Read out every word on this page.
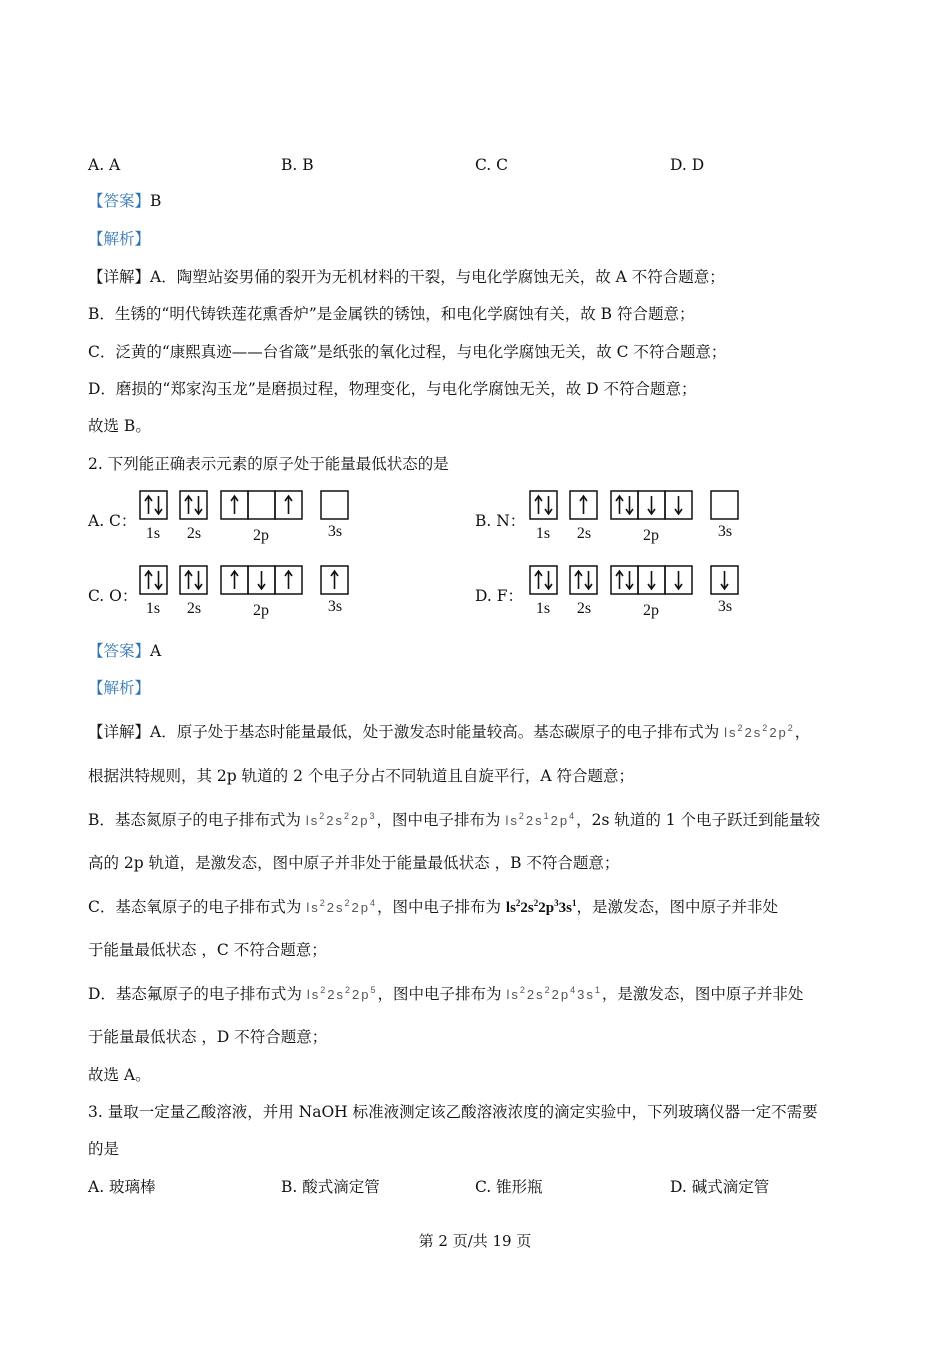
A. A	B. B	C. C	D. D
【答案】B
【解析】
【详解】A．陶塑站姿男俑的裂开为无机材料的干裂，与电化学腐蚀无关，故 A 不符合题意；
B．生锈的“明代铸铁莲花熏香炉”是金属铁的锈蚀，和电化学腐蚀有关，故 B 符合题意；
C．泛黄的“康熙真迹——台省箴”是纸张的氧化过程，与电化学腐蚀无关，故 C 不符合题意；
D．磨损的“郑家沟玉龙”是磨损过程，物理变化，与电化学腐蚀无关，故 D 不符合题意；
故选 B。
2. 下列能正确表示元素的原子处于能量最低状态的是
A. C：	B. N：
C. O：	D. F：
1s 2s	2p	3s	1s 2s	2p	3s
1s 2s	2p	3s	1s 2s	2p	3s
【答案】A
【解析】
【详解】A．原子处于基态时能量最低，处于激发态时能量较高。基态碳原子的电子排布式为 $ls^22s^22p^2$，
根据洪特规则，其 2p 轨道的 2 个电子分占不同轨道且自旋平行，A 符合题意；
B．基态氮原子的电子排布式为 $ls^22s^22p^3$，图中电子排布为 $ls^22s^12p^4$，2s 轨道的 1 个电子跃迁到能量较
高的 2p 轨道，是激发态，图中原子并非处于能量最低状态 ，B 不符合题意；
C．基态氧原子的电子排布式为 $ls^22s^22p^4$，图中电子排布为 $ls^22s^22p^33s^1$，是激发态，图中原子并非处
于能量最低状态 ，C 不符合题意；
D．基态氟原子的电子排布式为 $ls^22s^22p^5$，图中电子排布为 $ls^22s^22p^43s^1$，是激发态，图中原子并非处
于能量最低状态 ，D 不符合题意；
故选 A。
3. 量取一定量乙酸溶液，并用 NaOH 标准液测定该乙酸溶液浓度的滴定实验中，下列玻璃仪器一定不需要
的是
A. 玻璃棒	B. 酸式滴定管	C. 锥形瓶	D. 碱式滴定管
第 2 页/共 19 页
